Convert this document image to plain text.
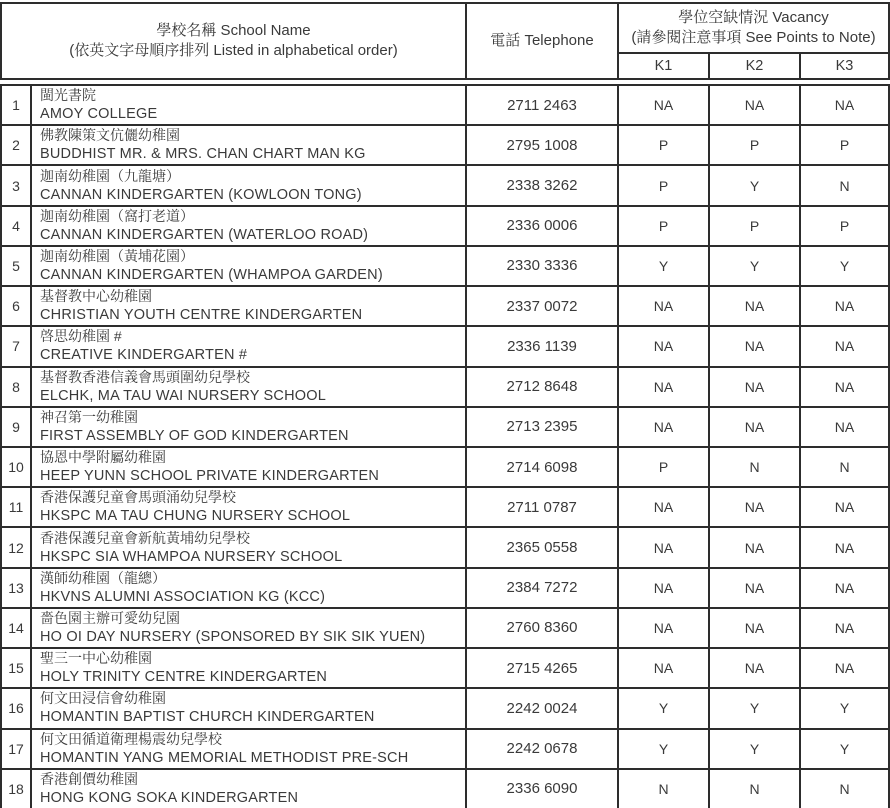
學校名稱 School Name
(依英文字母順序排列 Listed in alphabetical order)
	電話 Telephone	
學位空缺情況 Vacancy
(請參閱注意事項 See Points to Note)

		K1	K2	K3
1	閩光書院
AMOY COLLEGE	2711 2463	NA	NA	NA
2	佛教陳策文伉儷幼稚園
BUDDHIST MR. & MRS. CHAN CHART MAN KG	2795 1008	P	P	P
3	迦南幼稚園（九龍塘）
CANNAN KINDERGARTEN (KOWLOON TONG)	2338 3262	P	Y	N
4	迦南幼稚園（窩打老道）
CANNAN KINDERGARTEN (WATERLOO ROAD)	2336 0006	P	P	P
5	迦南幼稚園（黃埔花園）
CANNAN KINDERGARTEN (WHAMPOA GARDEN)	2330 3336	Y	Y	Y
6	基督教中心幼稚園
CHRISTIAN YOUTH CENTRE KINDERGARTEN	2337 0072	NA	NA	NA
7	啓思幼稚園 #
CREATIVE KINDERGARTEN #	2336 1139	NA	NA	NA
8	基督教香港信義會馬頭圍幼兒學校
ELCHK, MA TAU WAI NURSERY SCHOOL	2712 8648	NA	NA	NA
9	神召第一幼稚園
FIRST ASSEMBLY OF GOD KINDERGARTEN	2713 2395	NA	NA	NA
10	協恩中學附屬幼稚園
HEEP YUNN SCHOOL PRIVATE KINDERGARTEN	2714 6098	P	N	N
11	香港保護兒童會馬頭涌幼兒學校
HKSPC MA TAU CHUNG NURSERY SCHOOL	2711 0787	NA	NA	NA
12	香港保護兒童會新航黃埔幼兒學校
HKSPC SIA WHAMPOA NURSERY SCHOOL	2365 0558	NA	NA	NA
13	漢師幼稚園（龍總）
HKVNS ALUMNI ASSOCIATION KG (KCC)	2384 7272	NA	NA	NA
14	嗇色園主辦可愛幼兒園
HO OI DAY NURSERY (SPONSORED BY SIK SIK YUEN)	2760 8360	NA	NA	NA
15	聖三一中心幼稚園
HOLY TRINITY CENTRE KINDERGARTEN	2715 4265	NA	NA	NA
16	何文田浸信會幼稚園
HOMANTIN BAPTIST CHURCH KINDERGARTEN	2242 0024	Y	Y	Y
17	何文田循道衛理楊震幼兒學校
HOMANTIN YANG MEMORIAL METHODIST PRE-SCH	2242 0678	Y	Y	Y
18	香港創價幼稚園
HONG KONG SOKA KINDERGARTEN	2336 6090	N	N	N
